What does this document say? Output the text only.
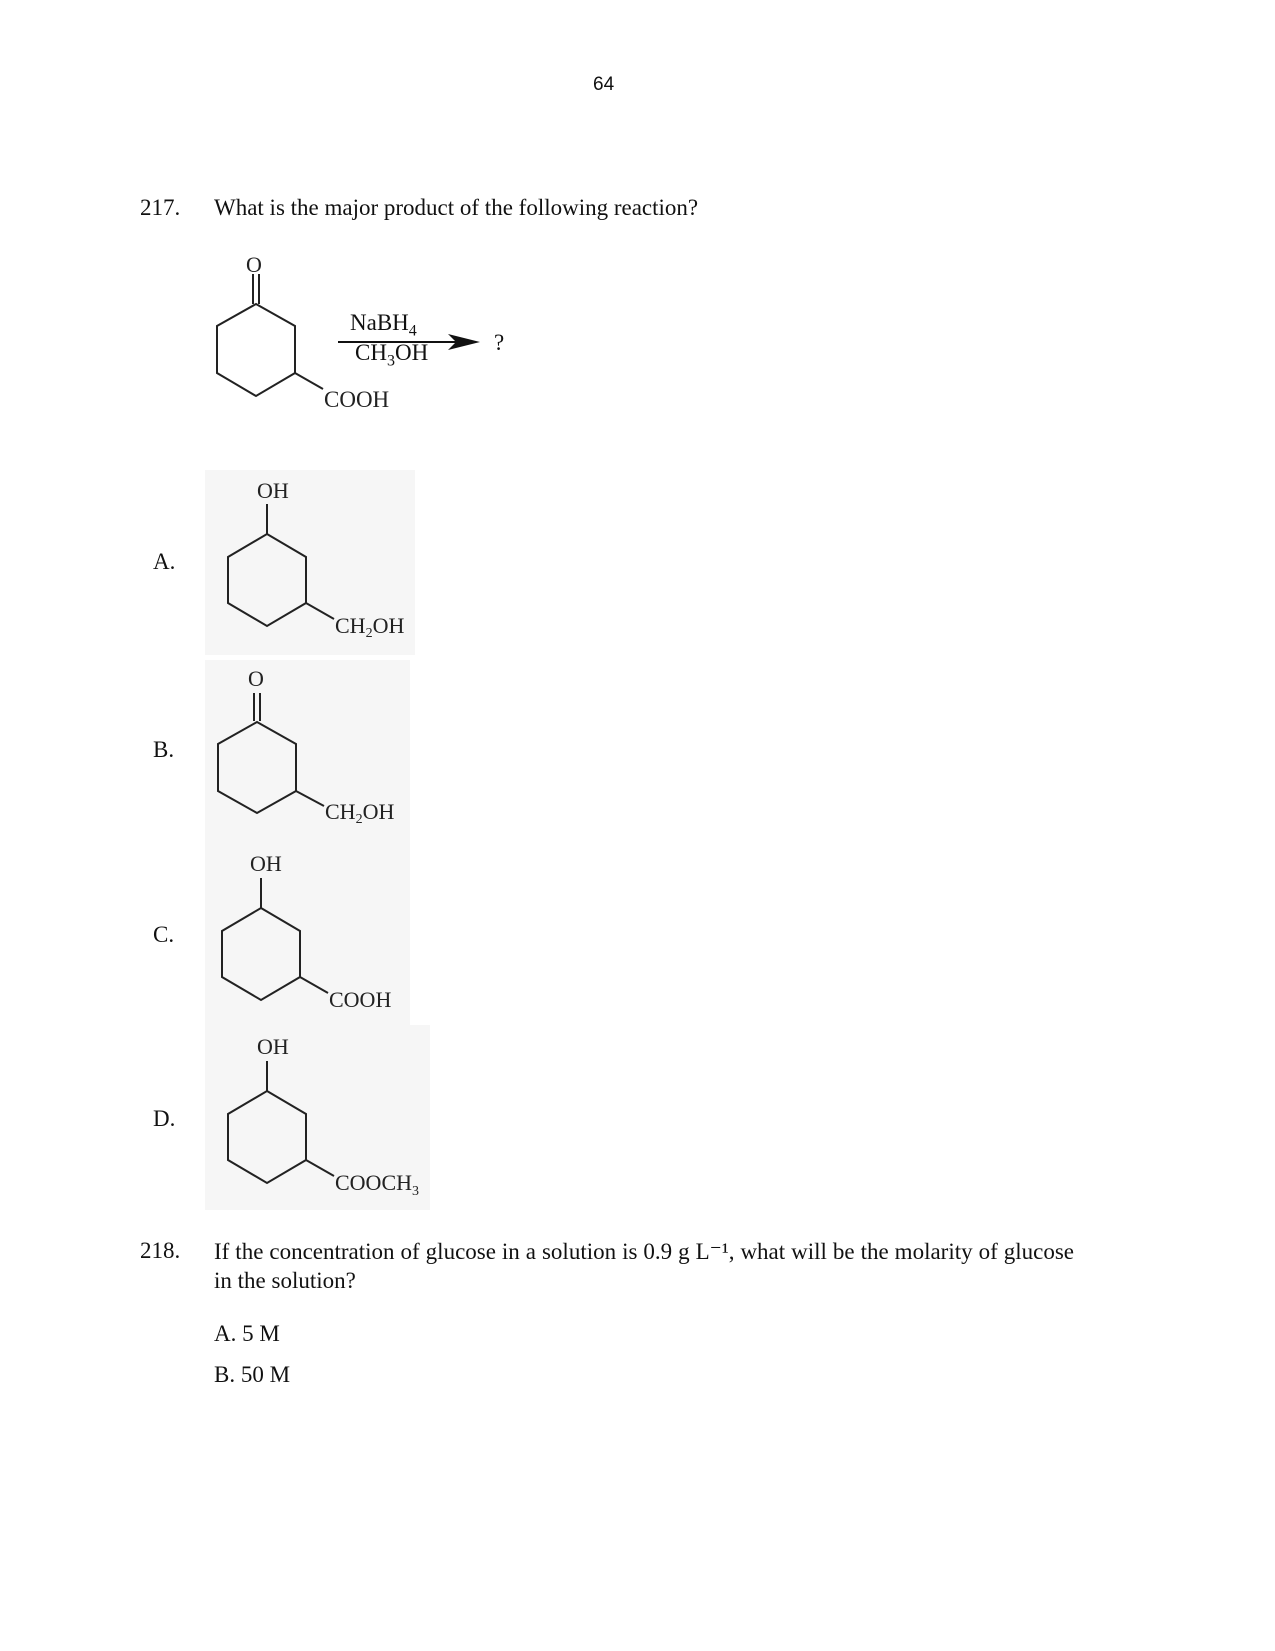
64
217. What is the major product of the following reaction?
O
COOH
NaBH$_4$
$CH_3OH$	?
A.
OH
CH2OH
B.
O
CH2OH
C.
OH
COOH
D.
OH
$COOCH_3$
218. If the concentration of glucose in a solution is 0.9 g L⁻¹, what will be the molarity of glucose in the solution?
A. 5 M
B. 50 M
